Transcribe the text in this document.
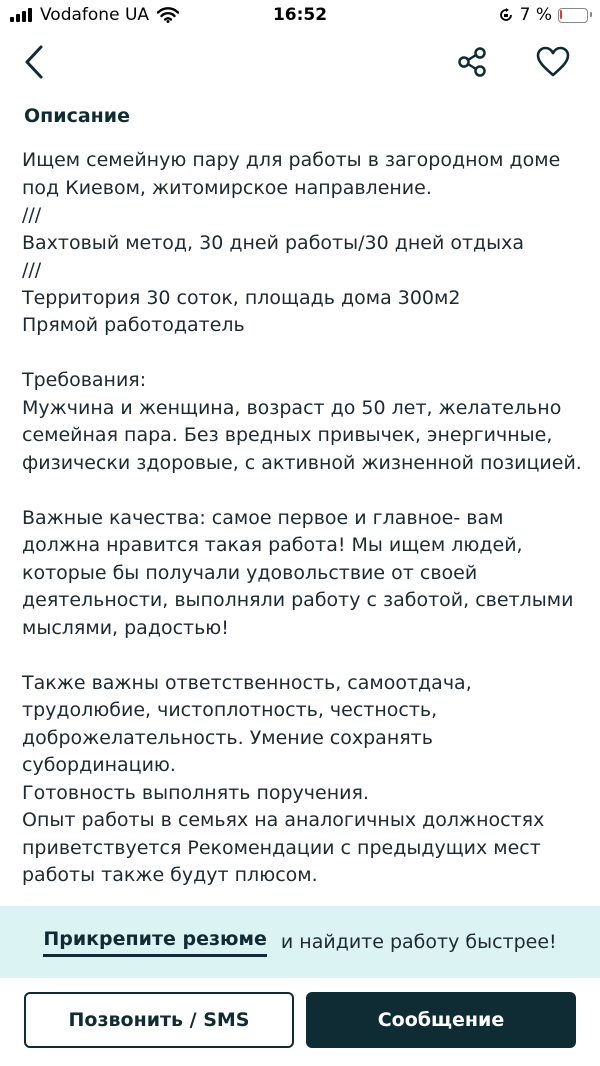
Vodafone UA	16:52	7 %
Описание
Ищем семейную пару для работы в загородном доме под Киевом, житомирское направление.
///
Вахтовый метод, 30 дней работы/30 дней отдыха
///
Территория 30 соток, площадь дома 300м2
Прямой работодатель

Требования:
Мужчина и женщина, возраст до 50 лет, желательно семейная пара. Без вредных привычек, энергичные, физически здоровые, с активной жизненной позицией.

Важные качества: самое первое и главное- вам должна нравится такая работа! Мы ищем людей, которые бы получали удовольствие от своей деятельности, выполняли работу с заботой, светлыми мыслями, радостью!

Также важны ответственность, самоотдача, трудолюбие, чистоплотность, честность, доброжелательность. Умение сохранять субординацию.
Готовность выполнять поручения.
Опыт работы в семьях на аналогичных должностях приветствуется Рекомендации с предыдущих мест работы также будут плюсом.
Прикрепите резюме и найдите работу быстрее!
Позвонить / SMS	Сообщение
